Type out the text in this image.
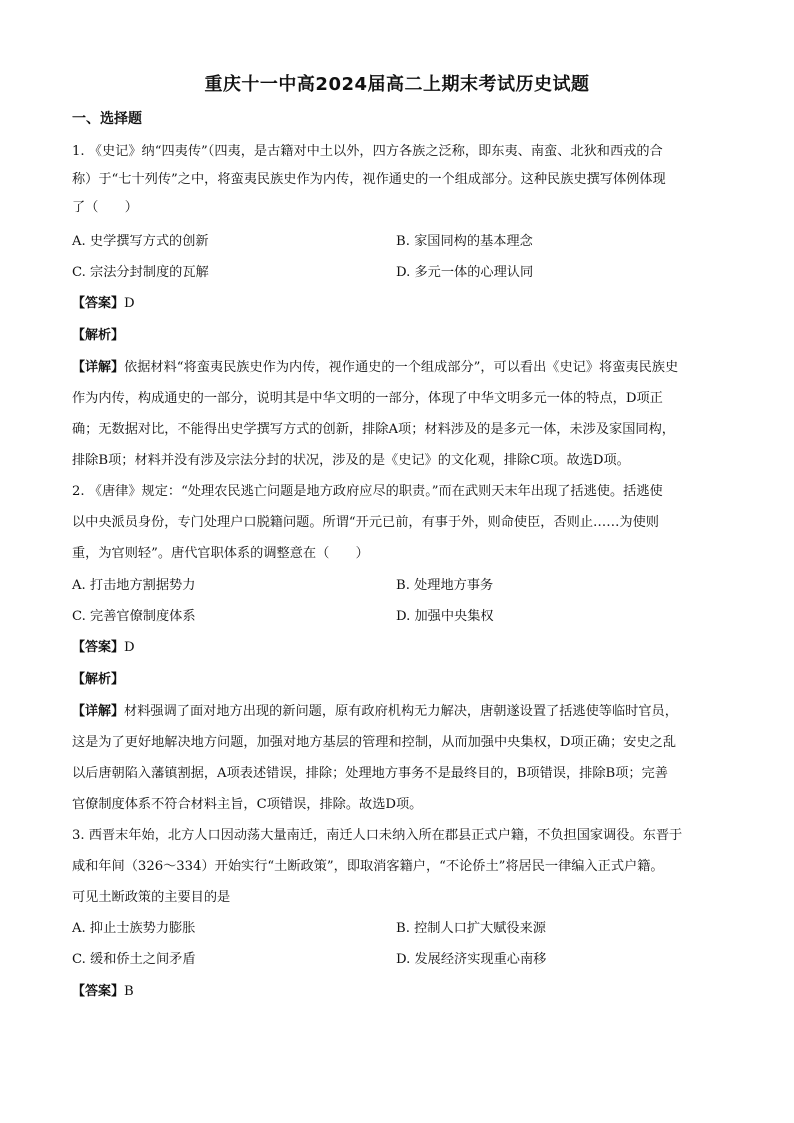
重庆十一中高2024届高二上期末考试历史试题
一、选择题
1. 《史记》纳“四夷传”（四夷，是古籍对中土以外，四方各族之泛称，即东夷、南蛮、北狄和西戎的合
称）于“七十列传”之中，将蛮夷民族史作为内传，视作通史的一个组成部分。这种民族史撰写体例体现
了（　　）
A. 史学撰写方式的创新	B. 家国同构的基本理念
C. 宗法分封制度的瓦解	D. 多元一体的心理认同
【答案】D
【解析】
【详解】依据材料“将蛮夷民族史作为内传，视作通史的一个组成部分”，可以看出《史记》将蛮夷民族史
作为内传，构成通史的一部分，说明其是中华文明的一部分，体现了中华文明多元一体的特点，D项正
确；无数据对比，不能得出史学撰写方式的创新，排除A项；材料涉及的是多元一体，未涉及家国同构，
排除B项；材料并没有涉及宗法分封的状况，涉及的是《史记》的文化观，排除C项。故选D项。
2. 《唐律》规定：“处理农民逃亡问题是地方政府应尽的职责。”而在武则天末年出现了括逃使。括逃使
以中央派员身份，专门处理户口脱籍问题。所谓“开元已前，有事于外，则命使臣，否则止……为使则
重，为官则轻”。唐代官职体系的调整意在（　　）
A. 打击地方割据势力	B. 处理地方事务
C. 完善官僚制度体系	D. 加强中央集权
【答案】D
【解析】
【详解】材料强调了面对地方出现的新问题，原有政府机构无力解决，唐朝遂设置了括逃使等临时官员，
这是为了更好地解决地方问题，加强对地方基层的管理和控制，从而加强中央集权，D项正确；安史之乱
以后唐朝陷入藩镇割据，A项表述错误，排除；处理地方事务不是最终目的，B项错误，排除B项；完善
官僚制度体系不符合材料主旨，C项错误，排除。故选D项。
3. 西晋末年始，北方人口因动荡大量南迁，南迁人口未纳入所在郡县正式户籍，不负担国家调役。东晋于
咸和年间（326～334）开始实行“土断政策”，即取消客籍户，“不论侨土”将居民一律编入正式户籍。
可见土断政策的主要目的是
A. 抑止士族势力膨胀	B. 控制人口扩大赋役来源
C. 缓和侨土之间矛盾	D. 发展经济实现重心南移
【答案】B
